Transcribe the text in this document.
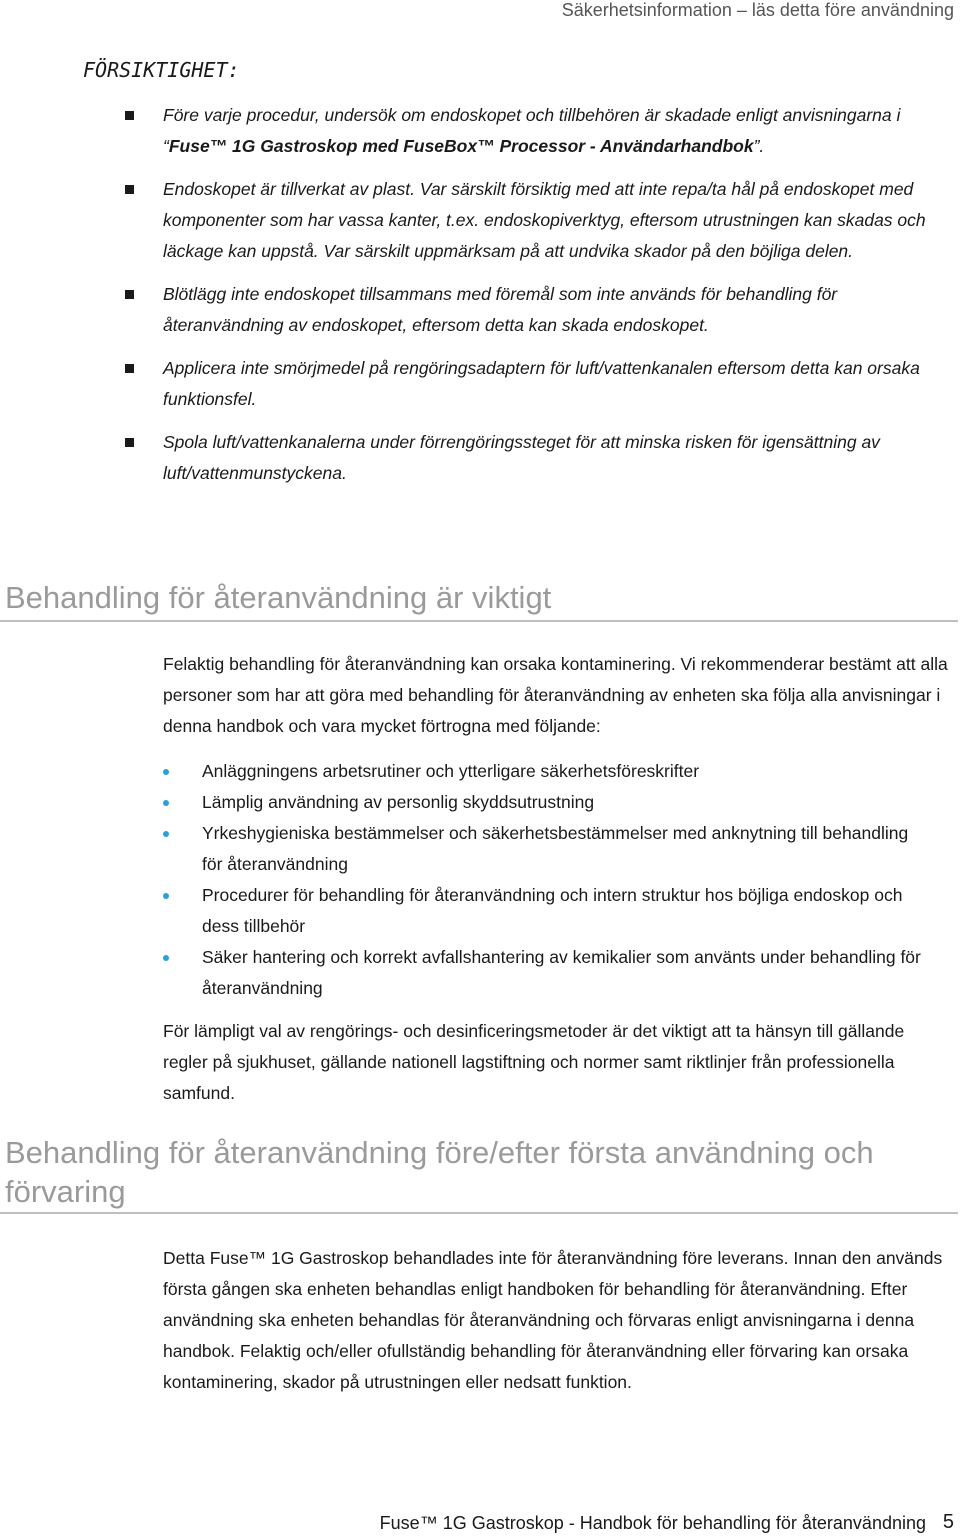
Säkerhetsinformation – läs detta före användning
FÖRSIKTIGHET:
Före varje procedur, undersök om endoskopet och tillbehören är skadade enligt anvisningarna i “Fuse™ 1G Gastroskop med FuseBox™ Processor - Användarhandbok”.
Endoskopet är tillverkat av plast. Var särskilt försiktig med att inte repa/ta hål på endoskopet med komponenter som har vassa kanter, t.ex. endoskopiverktyg, eftersom utrustningen kan skadas och läckage kan uppstå. Var särskilt uppmärksam på att undvika skador på den böjliga delen.
Blötlägg inte endoskopet tillsammans med föremål som inte används för behandling för återanvändning av endoskopet, eftersom detta kan skada endoskopet.
Applicera inte smörjmedel på rengöringsadaptern för luft/vattenkanalen eftersom detta kan orsaka funktionsfel.
Spola luft/vattenkanalerna under förrengöringssteget för att minska risken för igensättning av luft/vattenmunstyckena.
Behandling för återanvändning är viktigt

Felaktig behandling för återanvändning kan orsaka kontaminering. Vi rekommenderar bestämt att alla personer som har att göra med behandling för återanvändning av enheten ska följa alla anvisningar i denna handbok och vara mycket förtrogna med följande:

Anläggningens arbetsrutiner och ytterligare säkerhetsföreskrifter
Lämplig användning av personlig skyddsutrustning
Yrkeshygieniska bestämmelser och säkerhetsbestämmelser med anknytning till behandling för återanvändning
Procedurer för behandling för återanvändning och intern struktur hos böjliga endoskop och dess tillbehör
Säker hantering och korrekt avfallshantering av kemikalier som använts under behandling för återanvändning

För lämpligt val av rengörings- och desinficeringsmetoder är det viktigt att ta hänsyn till gällande regler på sjukhuset, gällande nationell lagstiftning och normer samt riktlinjer från professionella samfund.

Behandling för återanvändning före/efter första användning och förvaring

Detta Fuse™ 1G Gastroskop behandlades inte för återanvändning före leverans. Innan den används första gången ska enheten behandlas enligt handboken för behandling för återanvändning. Efter användning ska enheten behandlas för återanvändning och förvaras enligt anvisningarna i denna handbok. Felaktig och/eller ofullständig behandling för återanvändning eller förvaring kan orsaka kontaminering, skador på utrustningen eller nedsatt funktion.

Fuse™ 1G Gastroskop - Handbok för behandling för återanvändning 5
